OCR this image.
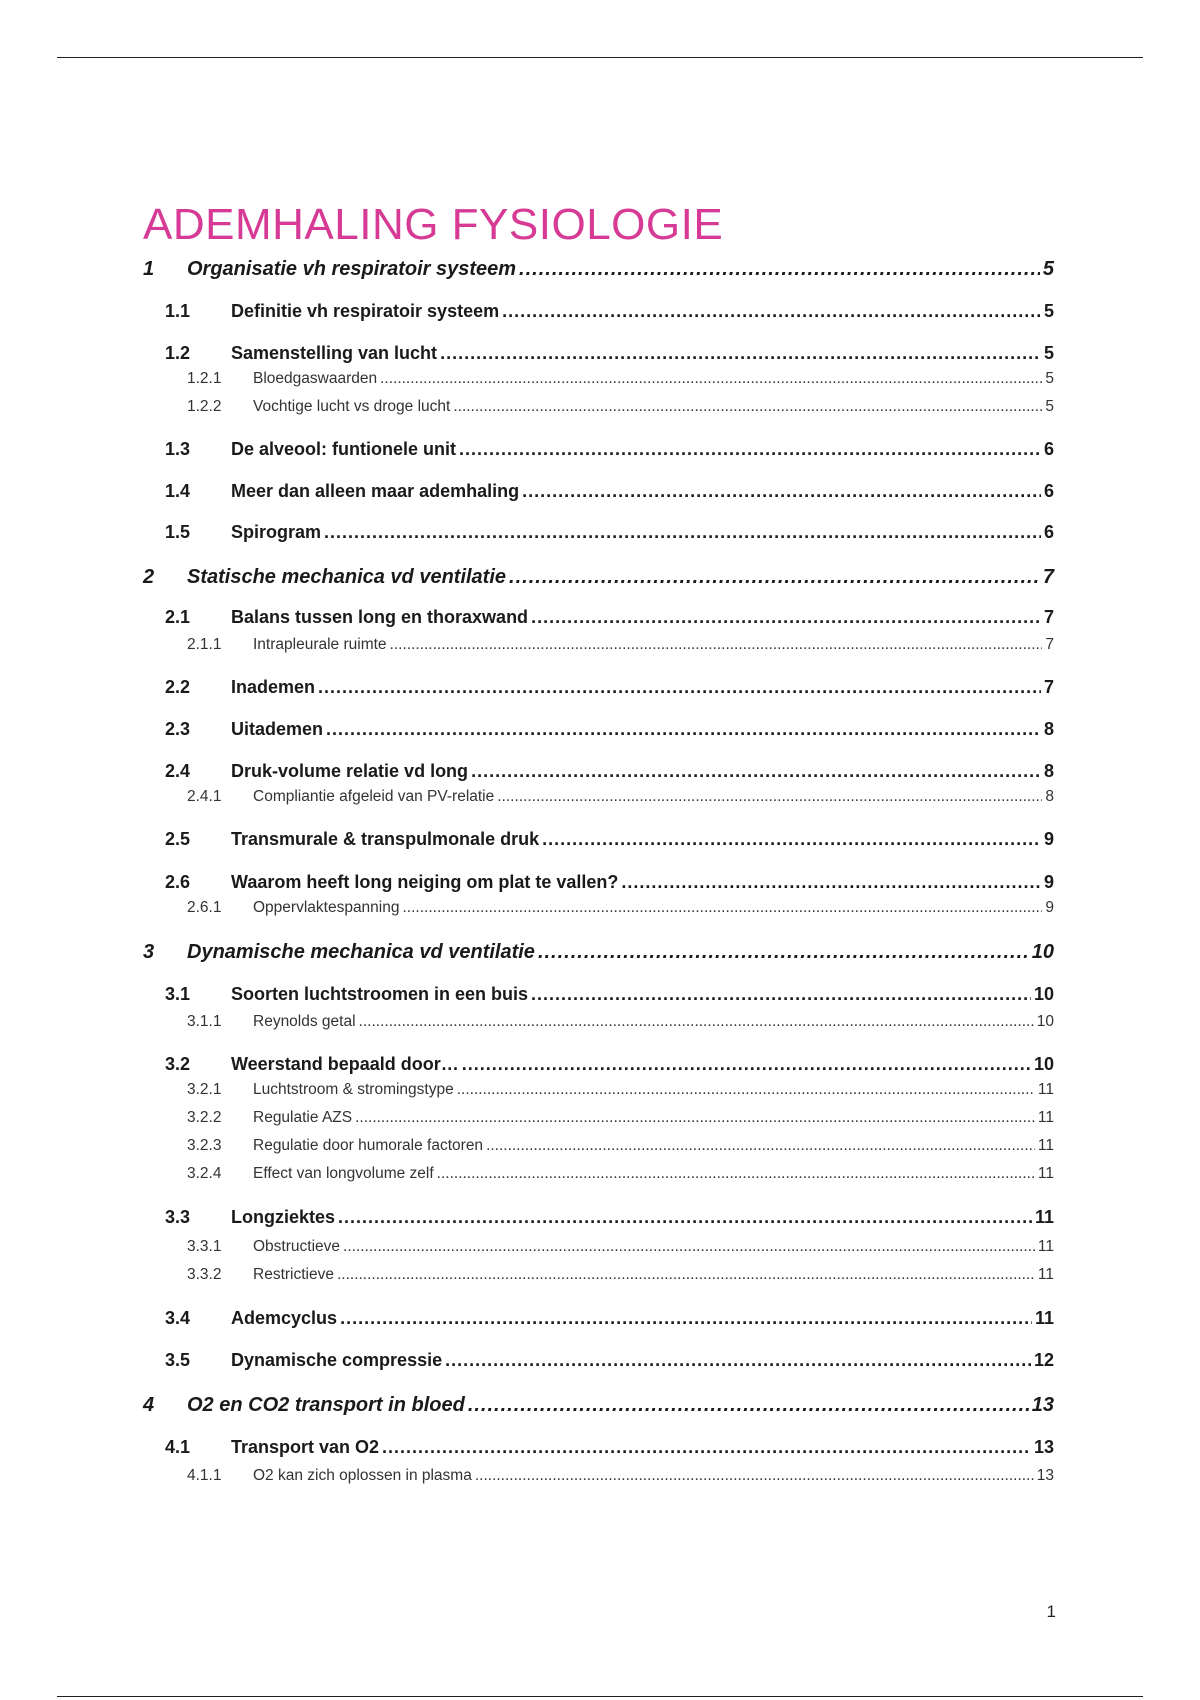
ADEMHALING FYSIOLOGIE
1 Organisatie vh respiratoir systeem .....	5
1.1 Definitie vh respiratoir systeem .....	5
1.2 Samenstelling van lucht .....	5
1.2.1 Bloedgaswaarden .....	5
1.2.2 Vochtige lucht vs droge lucht .....	5
1.3 De alveool: funtionele unit .....	6
1.4 Meer dan alleen maar ademhaling .....	6
1.5 Spirogram .....	6
2 Statische mechanica vd ventilatie .....	7
2.1 Balans tussen long en thoraxwand .....	7
2.1.1 Intrapleurale ruimte .....	7
2.2 Inademen .....	7
2.3 Uitademen .....	8
2.4 Druk-volume relatie vd long .....	8
2.4.1 Compliantie afgeleid van PV-relatie .....	8
2.5 Transmurale & transpulmonale druk .....	9
2.6 Waarom heeft long neiging om plat te vallen? .....	9
2.6.1 Oppervlaktespanning .....	9
3 Dynamische mechanica vd ventilatie .....	10
3.1 Soorten luchtstroomen in een buis .....	10
3.1.1 Reynolds getal .....	10
3.2 Weerstand bepaald door… .....	10
3.2.1 Luchtstroom & stromingstype .....	11
3.2.2 Regulatie AZS .....	11
3.2.3 Regulatie door humorale factoren .....	11
3.2.4 Effect van longvolume zelf .....	11
3.3 Longziektes .....	11
3.3.1 Obstructieve .....	11
3.3.2 Restrictieve .....	11
3.4 Ademcyclus .....	11
3.5 Dynamische compressie .....	12
4 O2 en CO2 transport in bloed .....	13
4.1 Transport van O2 .....	13
4.1.1 O2 kan zich oplossen in plasma .....	13
1
